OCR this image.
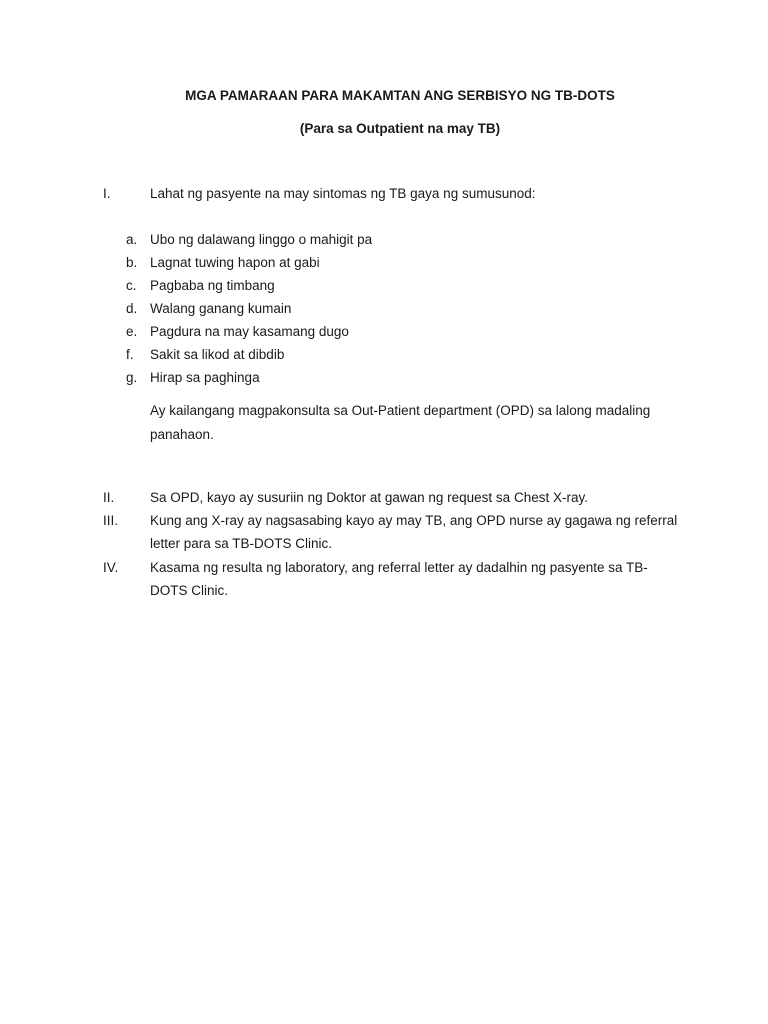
MGA PAMARAAN PARA MAKAMTAN ANG SERBISYO NG TB-DOTS
(Para sa Outpatient na may TB)
I.	Lahat ng pasyente na may sintomas ng TB gaya ng sumusunod:
a. Ubo ng dalawang linggo o mahigit pa
b. Lagnat tuwing hapon at gabi
c. Pagbaba ng timbang
d. Walang ganang kumain
e. Pagdura na may kasamang dugo
f. Sakit sa likod at dibdib
g. Hirap sa paghinga

Ay kailangang magpakonsulta sa Out-Patient department (OPD) sa lalong madaling panahaon.

II.	Sa OPD, kayo ay susuriin ng Doktor at gawan ng request sa Chest X-ray.
III. Kung ang X-ray ay nagsasabing kayo ay may TB, ang OPD nurse ay gagawa ng referral letter para sa TB-DOTS Clinic.
IV. Kasama ng resulta ng laboratory, ang referral letter ay dadalhin ng pasyente sa TB-DOTS Clinic.
